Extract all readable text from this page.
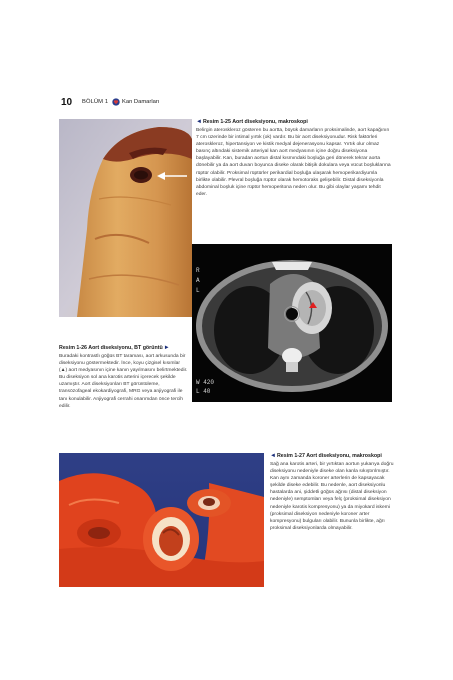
10 BÖLÜM 1 Kan Damarları
◄Resim 1-25 Aort diseksiyonu, makroskopi
Belirgin ateroskleroz gösteren bu aortta, büyük damarların proksimalinde, aort kapağının 7 cm üzerinde bir intimal yırtık (ok) vardır. Bu bir aort diseksiyonudur. Risk faktörleri ateroskleroz, hipertansiyon ve kistik medyal dejenerasyonu kapsar. Yırtık olur olmaz basınç altındaki sistemik arteriyal kan aort medyasının içine doğru diseksiyona başlayabilir. Kan, buradan aortun distal kısmındaki boşluğa geri dönerek tekrar aorta dönebilir ya da aort duvarı boyunca diseke olarak bitişik dokulara veya vücut boşluklarına rüptür olabilir. Proksimal rüptürler perikardial boşluğa ulaşarak hemoperikardiyumla birlikte olabilir. Plevral boşluğa rüptür olarak hemotoraks gelişebilir. Distal diseksiyonla abdominal boşluk içine rüptür hemoperitona neden olur. Bu gibi olaylar yaşamı tehdit eder.
R
A
L
W 420
L 40
Resim 1-26 Aort diseksiyonu, BT görüntü►
Buradaki kontrastlı göğüs BT taraması, aort arkusunda bir diseksiyonu göstermektedir. İnce, koyu çizgisel kısımlar (▲) aort medyasının içine kanın yayılmasını belirtmektedir. Bu diseksiyon sol ana karotis arterini içerecek şekilde uzamıştır. Aort diseksiyonları BT görüntüleme, transözofageal ekokardiyografi, MRG veya anjiyografi ile tanı konulabilir. Anjiyografi cerrahi onarımdan önce tercih edilir.
◄Resim 1-27 Aort diseksiyonu, makroskopi
Sağ ana karotis arteri, bir yırtıktan aortun yukarıya doğru diseksiyonu nedeniyle diseke olan kanla sıkıştırılmıştır. Kan aynı zamanda koroner arterlerin de kapsayacak şekilde diseke edebilir. Bu nedenle, aort diseksiyonlu hastalarda ani, şiddetli göğüs ağrısı (distal diseksiyon nedeniyle) semptomları veya felç (proksimal diseksiyon nedeniyle karotis kompresyonu) ya da miyokard iskemi (proksimal diseksiyon nedeniyle koroner arter kompresyonu) bulguları olabilir. Bununla birlikte, ağrı proksimal diseksiyonlarda olmayabilir.
